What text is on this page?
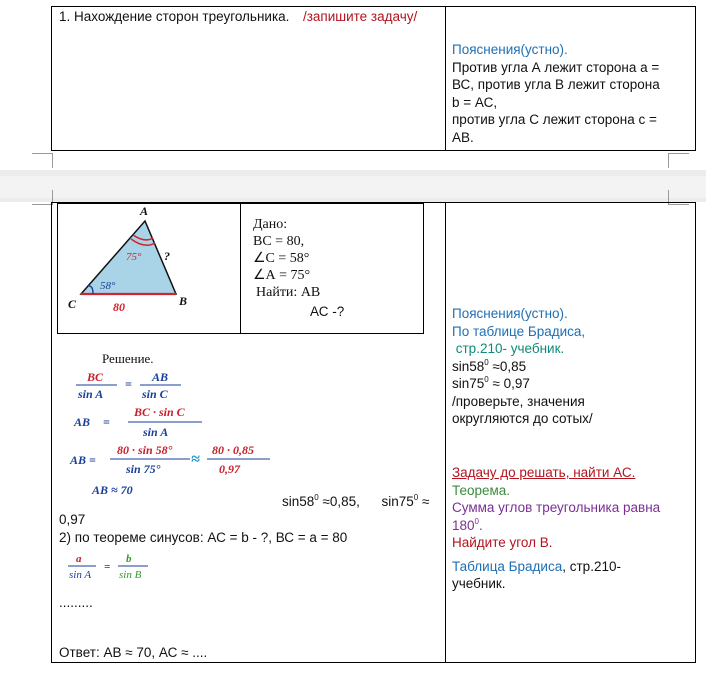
1. Нахождение сторон треугольника. /запишите задачу/
Пояснения(устно).
Против угла А лежит сторона а =
ВС, против угла В лежит сторона
b = АС,
против угла С лежит сторона с =
АВ.
A
B
C
75°
58°
80
?
Дано:
ВС = 80,
∠С = 58°
∠А = 75°
Найти: АВ
АС -?
Решение.
BC
sin A
= AB
sin C
AB =
BC · sin C
sin A
AB =
80 · sin 58°
sin 75°
≈
80 · 0,85
0,97
AB ≈ 70
$\sin 58^0 \approx 0,85$, $\sin 75^0$ ≈
0,97
2) по теореме синусов: АС = b - ?, ВС = а = 80
a
sin A
=
b
sin B
.........
Ответ: АВ ≈ 70, АС ≈ ....
Пояснения(устно).
По таблице Брадиса,
стр.210- учебник.
$\sin 58^0 \approx 0,85$
$\sin 75^0 \approx 0,97$
/проверьте, значения
округляются до сотых/
Задачу до решать, найти АС.
Теорема.
Сумма углов треугольника равна
$180^0$.
Найдите угол В.
Таблица Брадиса, стр.210-
учебник.
